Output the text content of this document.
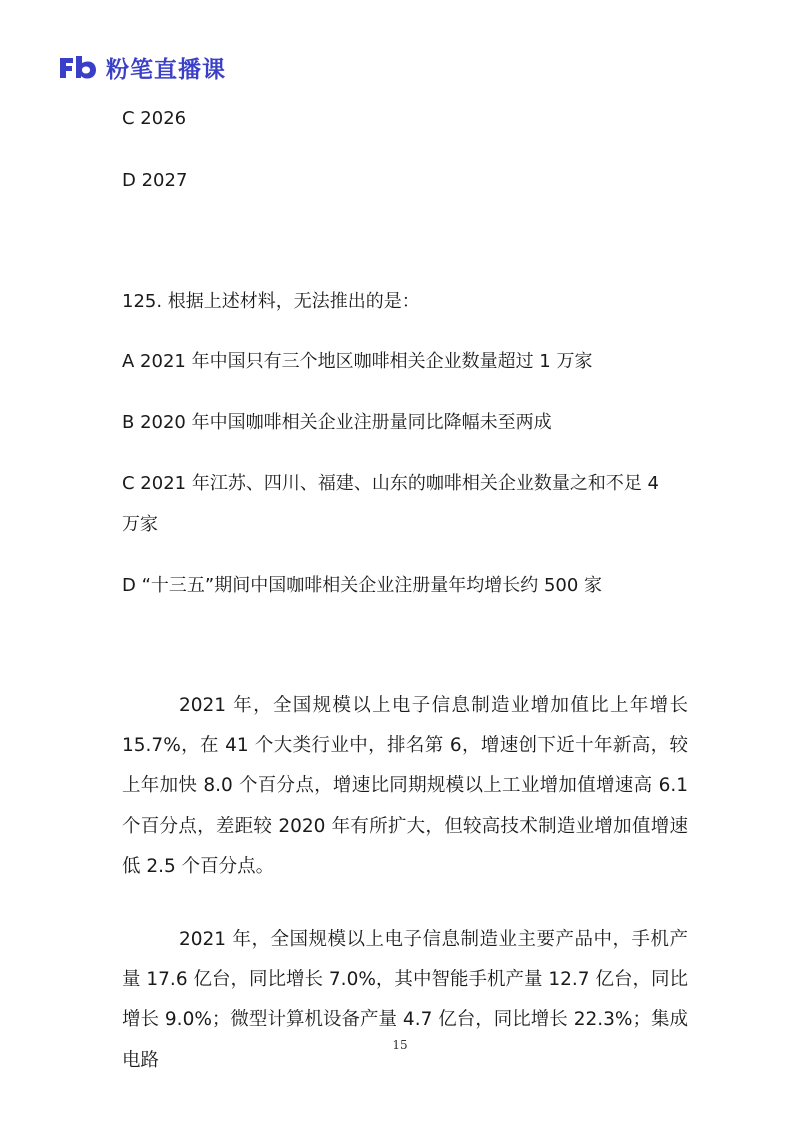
粉笔直播课
C 2026
D 2027
125. 根据上述材料，无法推出的是：
A 2021 年中国只有三个地区咖啡相关企业数量超过 1 万家
B 2020 年中国咖啡相关企业注册量同比降幅未至两成
C 2021 年江苏、四川、福建、山东的咖啡相关企业数量之和不足 4
万家
D “十三五”期间中国咖啡相关企业注册量年均增长约 500 家
2021 年，全国规模以上电子信息制造业增加值比上年增长 15.7%，在 41 个大类行业中，排名第 6，增速创下近十年新高，较上年加快 8.0 个百分点，增速比同期规模以上工业增加值增速高 6.1 个百分点，差距较 2020 年有所扩大，但较高技术制造业增加值增速低 2.5 个百分点。
2021 年，全国规模以上电子信息制造业主要产品中，手机产量 17.6 亿台，同比增长 7.0%，其中智能手机产量 12.7 亿台，同比增长 9.0%；微型计算机设备产量 4.7 亿台，同比增长 22.3%；集成电路
15
